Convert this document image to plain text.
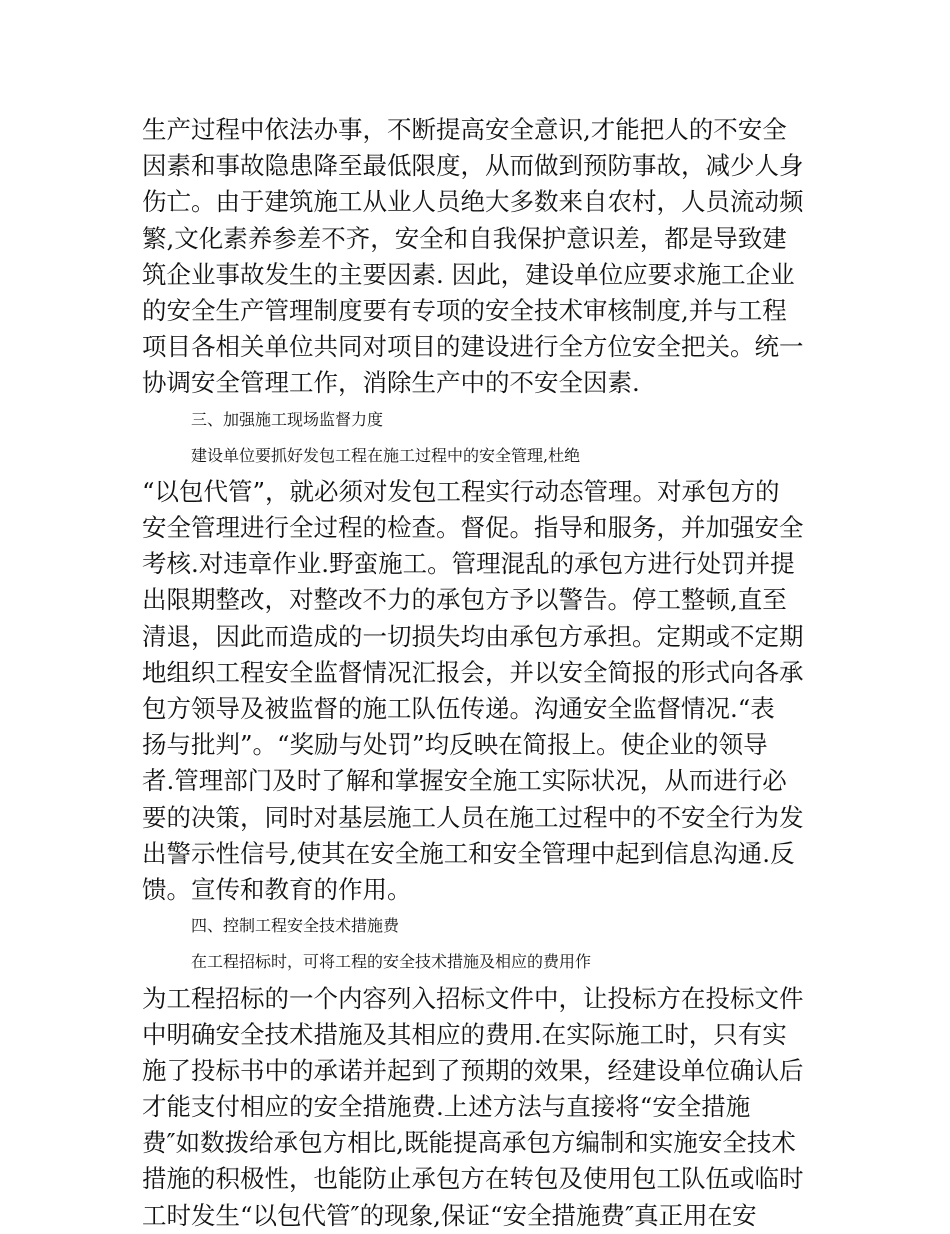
生产过程中依法办事，不断提高安全意识,才能把人的不安全
因素和事故隐患降至最低限度，从而做到预防事故，减少人身
伤亡。由于建筑施工从业人员绝大多数来自农村，人员流动频
繁,文化素养参差不齐，安全和自我保护意识差，都是导致建
筑企业事故发生的主要因素. 因此，建设单位应要求施工企业
的安全生产管理制度要有专项的安全技术审核制度,并与工程
项目各相关单位共同对项目的建设进行全方位安全把关。统一
协调安全管理工作，消除生产中的不安全因素.
三、加强施工现场监督力度
建设单位要抓好发包工程在施工过程中的安全管理,杜绝
“以包代管”，就必须对发包工程实行动态管理。对承包方的
安全管理进行全过程的检查。督促。指导和服务，并加强安全
考核.对违章作业.野蛮施工。管理混乱的承包方进行处罚并提
出限期整改，对整改不力的承包方予以警告。停工整顿,直至
清退，因此而造成的一切损失均由承包方承担。定期或不定期
地组织工程安全监督情况汇报会，并以安全简报的形式向各承
包方领导及被监督的施工队伍传递。沟通安全监督情况.“表
扬与批判”。“奖励与处罚”均反映在简报上。使企业的领导
者.管理部门及时了解和掌握安全施工实际状况，从而进行必
要的决策，同时对基层施工人员在施工过程中的不安全行为发
出警示性信号,使其在安全施工和安全管理中起到信息沟通.反
馈。宣传和教育的作用。
四、控制工程安全技术措施费
在工程招标时，可将工程的安全技术措施及相应的费用作
为工程招标的一个内容列入招标文件中，让投标方在投标文件
中明确安全技术措施及其相应的费用.在实际施工时，只有实
施了投标书中的承诺并起到了预期的效果，经建设单位确认后
才能支付相应的安全措施费.上述方法与直接将“安全措施
费″如数拨给承包方相比,既能提高承包方编制和实施安全技术
措施的积极性，也能防止承包方在转包及使用包工队伍或临时
工时发生“以包代管″的现象,保证“安全措施费″真正用在安
